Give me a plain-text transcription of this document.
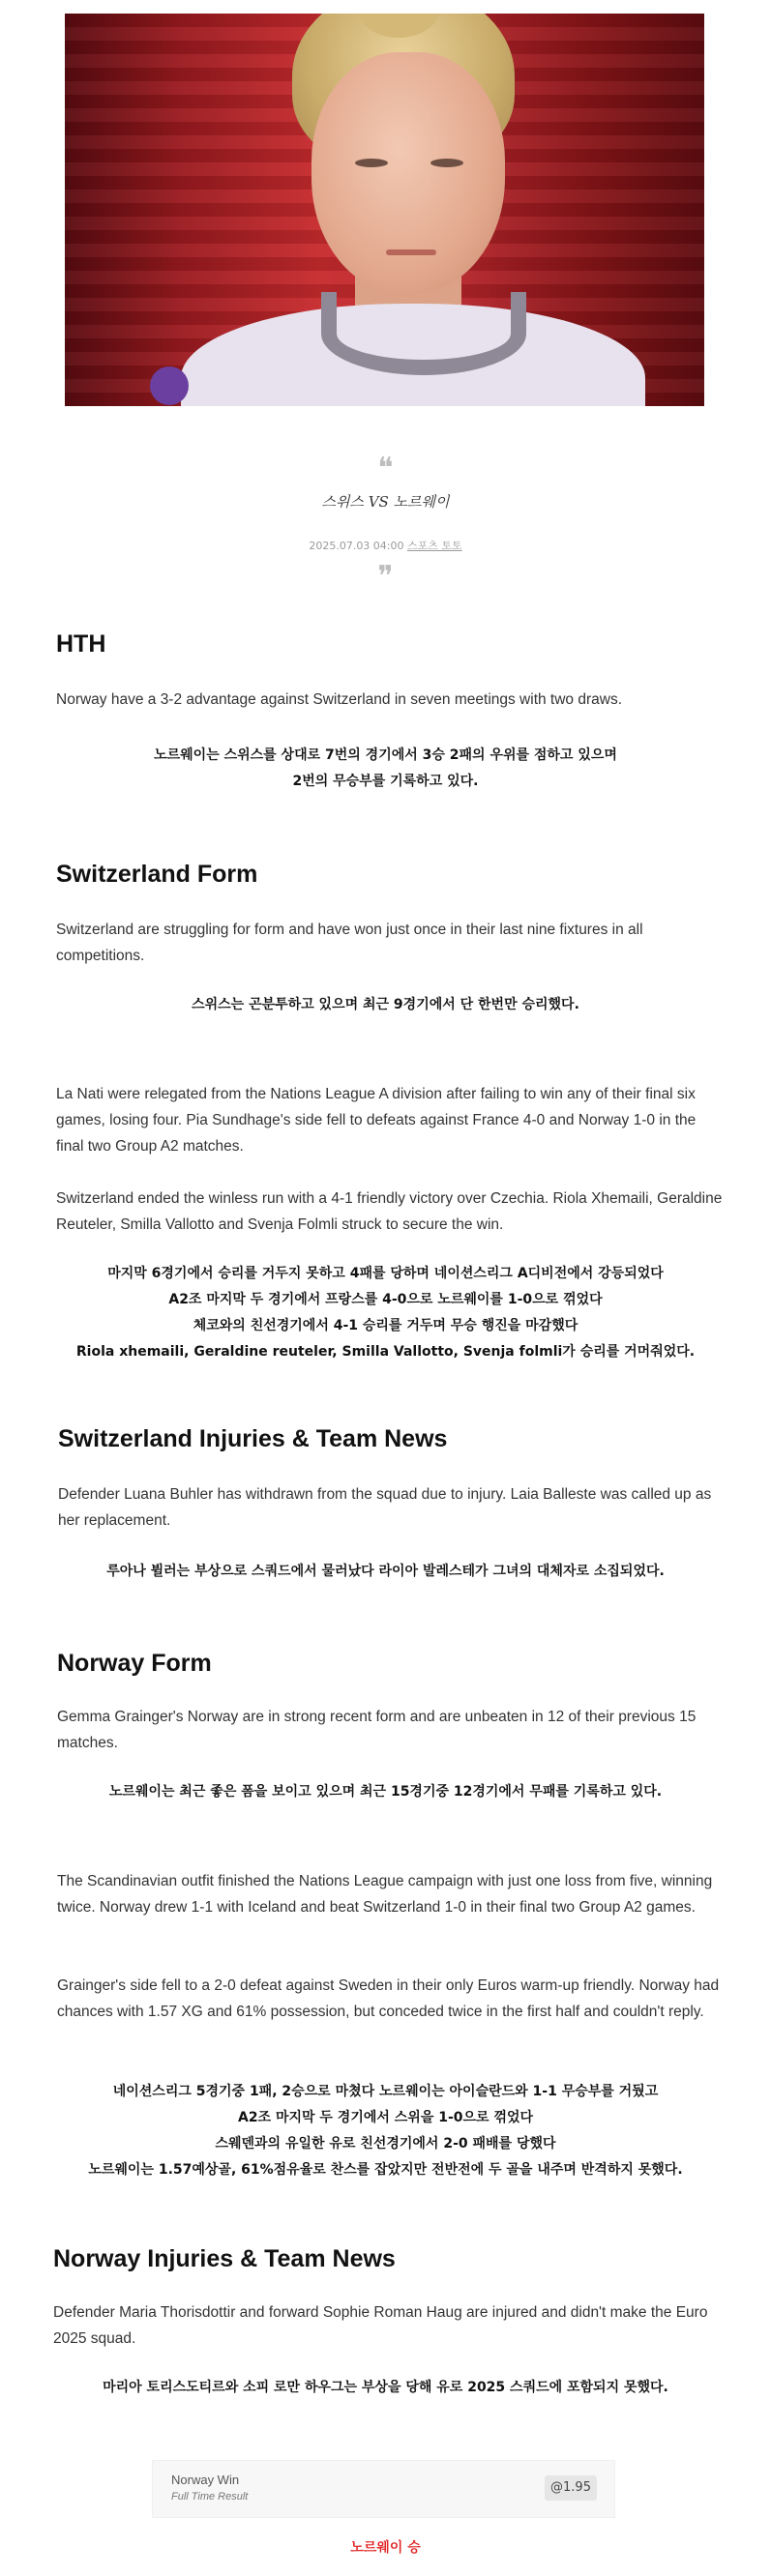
❝
스위스 VS 노르웨이
2025.07.03 04:00 스포츠 토토
❞
HTH
Norway have a 3-2 advantage against Switzerland in seven meetings with two draws.
노르웨이는 스위스를 상대로 7번의 경기에서 3승 2패의 우위를 점하고 있으며
2번의 무승부를 기록하고 있다.
Switzerland Form
Switzerland are struggling for form and have won just once in their last nine fixtures in all competitions.
스위스는 곤분투하고 있으며 최근 9경기에서 단 한번만 승리했다.
La Nati were relegated from the Nations League A division after failing to win any of their final six games, losing four. Pia Sundhage's side fell to defeats against France 4-0 and Norway 1-0 in the final two Group A2 matches.
Switzerland ended the winless run with a 4-1 friendly victory over Czechia. Riola Xhemaili, Geraldine Reuteler, Smilla Vallotto and Svenja Folmli struck to secure the win.
마지막 6경기에서 승리를 거두지 못하고 4패를 당하며 네이션스리그 A디비전에서 강등되었다
A2조 마지막 두 경기에서 프랑스를 4-0으로 노르웨이를 1-0으로 꺾었다
체코와의 친선경기에서 4-1 승리를 거두며 무승 행진을 마감했다
Riola xhemaili, Geraldine reuteler, Smilla Vallotto, Svenja folmli가 승리를 거머줘었다.
Switzerland Injuries & Team News
Defender Luana Buhler has withdrawn from the squad due to injury. Laia Balleste was called up as her replacement.
루아나 뷜러는 부상으로 스쿼드에서 물러났다 라이아 발레스테가 그녀의 대체자로 소집되었다.
Norway Form
Gemma Grainger's Norway are in strong recent form and are unbeaten in 12 of their previous 15 matches.
노르웨이는 최근 좋은 폼을 보이고 있으며 최근 15경기중 12경기에서 무패를 기록하고 있다.
The Scandinavian outfit finished the Nations League campaign with just one loss from five, winning twice. Norway drew 1-1 with Iceland and beat Switzerland 1-0 in their final two Group A2 games.
Grainger's side fell to a 2-0 defeat against Sweden in their only Euros warm-up friendly. Norway had chances with 1.57 XG and 61% possession, but conceded twice in the first half and couldn't reply.
네이션스리그 5경기중 1패, 2승으로 마쳤다 노르웨이는 아이슬란드와 1-1 무승부를 거뒀고
A2조 마지막 두 경기에서 스위을 1-0으로 꺾었다
스웨덴과의 유일한 유로 친선경기에서 2-0 패배를 당했다
노르웨이는 1.57예상골, 61%점유율로 찬스를 잡았지만 전반전에 두 골을 내주며 반격하지 못했다.
Norway Injuries & Team News
Defender Maria Thorisdottir and forward Sophie Roman Haug are injured and didn't make the Euro 2025 squad.
마리아 토리스도티르와 소피 로만 하우그는 부상을 당해 유로 2025 스쿼드에 포함되지 못했다.
Norway Win
Full Time Result
@1.95
노르웨이 승
